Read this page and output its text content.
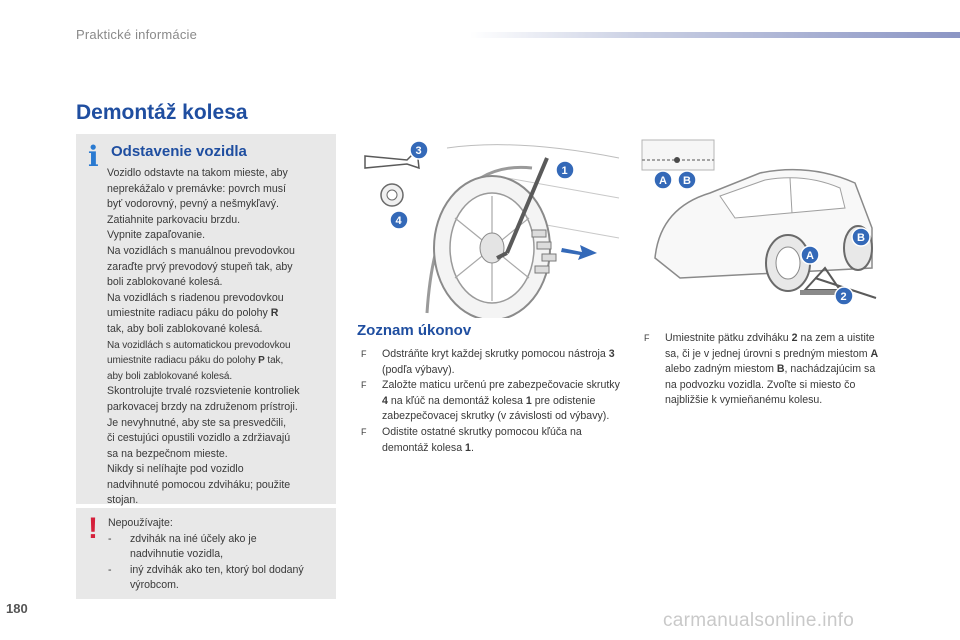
Praktické informácie
Demontáž kolesa
i Odstavenie vozidla

Vozidlo odstavte na takom mieste, aby

neprekážalo v premávke: povrch musí

byť vodorovný, pevný a nešmykľavý.

Zatiahnite parkovaciu brzdu.

Vypnite zapaľovanie.

Na vozidlách s manuálnou prevodovkou

zaraďte prvý prevodový stupeň tak, aby

boli zablokované kolesá.

Na vozidlách s riadenou prevodovkou

umiestnite radiacu páku do polohy R

tak, aby boli zablokované kolesá.

Na vozidlách s automatickou prevodovkou

umiestnite radiacu páku do polohy P tak,

aby boli zablokované kolesá.

Skontrolujte trvalé rozsvietenie kontroliek

parkovacej brzdy na združenom prístroji.

Je nevyhnutné, aby ste sa presvedčili,

či cestujúci opustili vozidlo a zdržiavajú

sa na bezpečnom mieste.

Nikdy si nelíhajte pod vozidlo

nadvihnuté pomocou zdviháku; použite

stojan.

! Nepoužívajte:
-	zdvihák na iné účely ako je nadvihnutie vozidla,
-	iný zdvihák ako ten, ktorý bol dodaný výrobcom.
3
4
1
A B
A
B
2
Zoznam úkonov
F	Odstráňte kryt každej skrutky pomocou nástroja 3 (podľa výbavy).
F	Založte maticu určenú pre zabezpečovacie skrutky 4 na kľúč na demontáž kolesa 1 pre odistenie zabezpečovacej skrutky (v závislosti od výbavy).
F	Odistite ostatné skrutky pomocou kľúča na demontáž kolesa 1.
F	Umiestnite pätku zdviháku 2 na zem a uistite sa, či je v jednej úrovni s predným miestom A alebo zadným miestom B, nachádzajúcim sa na podvozku vozidla. Zvoľte si miesto čo najbližšie k vymieňanému kolesu.
180
carmanualsonline.info
